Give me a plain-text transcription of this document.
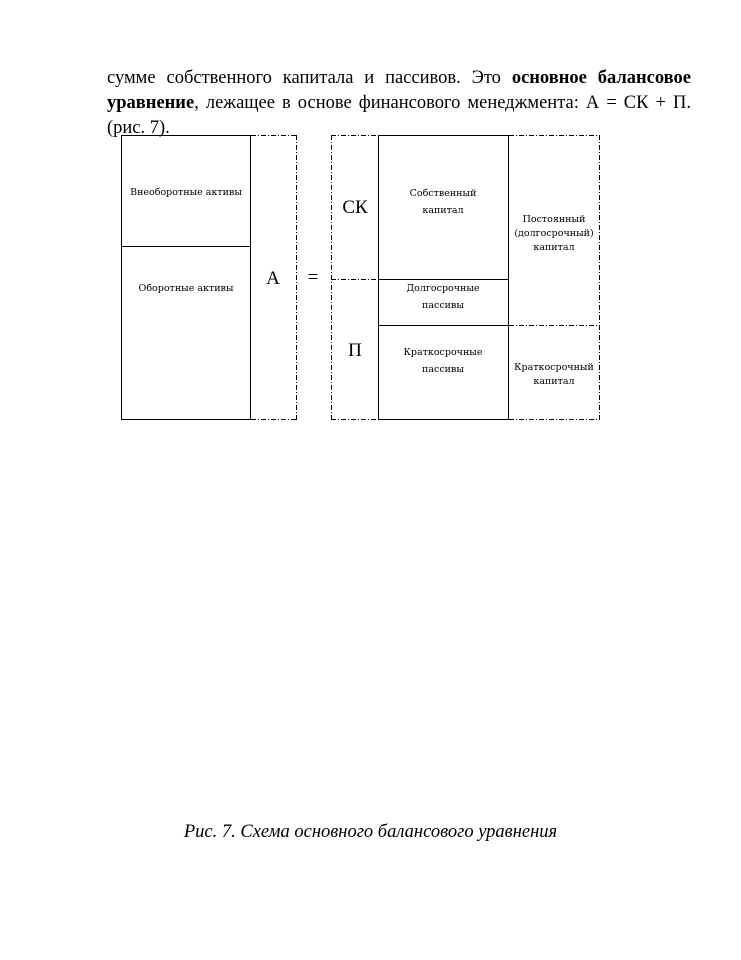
сумме собственного капитала и пассивов. Это основное балансовое
уравнение, лежащее в основе финансового менеджмента: А = СК + П.
(рис. 7).
Внеоборотные активы
Оборотные активы А =
СК
П
Собственный
капитал
Долгосрочные
пассивы
Краткосрочные
пассивы
Постоянный
(долгосрочный)
капитал
Краткосрочный
капитал
Рис. 7. Схема основного балансового уравнения
